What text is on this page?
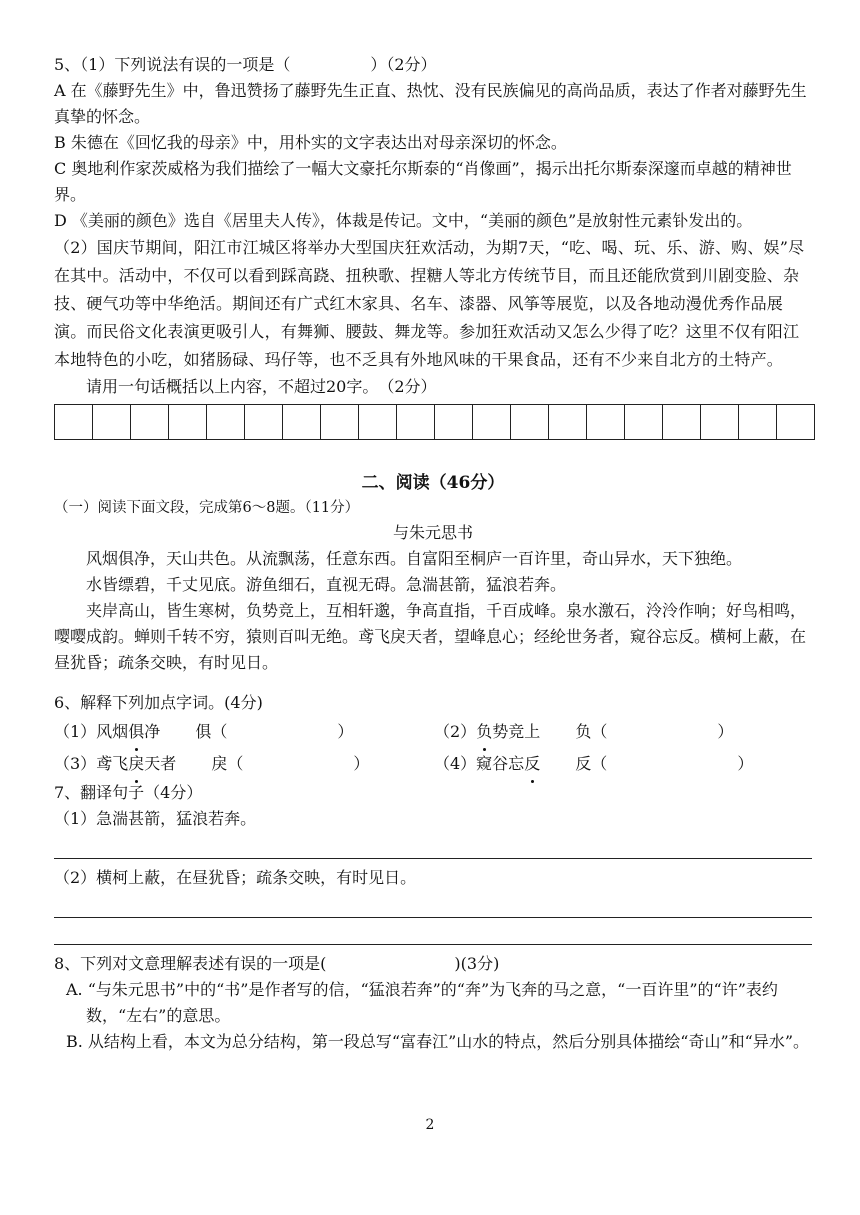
5、（1）下列说法有误的一项是（　　　　　）（2分）
A 在《藤野先生》中，鲁迅赞扬了藤野先生正直、热忱、没有民族偏见的高尚品质，表达了作者对藤野先生真挚的怀念。
B 朱德在《回忆我的母亲》中，用朴实的文字表达出对母亲深切的怀念。
C 奥地利作家茨威格为我们描绘了一幅大文豪托尔斯泰的“肖像画”，揭示出托尔斯泰深邃而卓越的精神世界。
D 《美丽的颜色》选自《居里夫人传》，体裁是传记。文中，“美丽的颜色”是放射性元素钋发出的。
（2）国庆节期间，阳江市江城区将举办大型国庆狂欢活动，为期7天，“吃、喝、玩、乐、游、购、娱”尽在其中。活动中，不仅可以看到踩高跷、扭秧歌、捏糖人等北方传统节目，而且还能欣赏到川剧变脸、杂技、硬气功等中华绝活。期间还有广式红木家具、名车、漆器、风筝等展览，以及各地动漫优秀作品展演。而民俗文化表演更吸引人，有舞狮、腰鼓、舞龙等。参加狂欢活动又怎么少得了吃？这里不仅有阳江本地特色的小吃，如猪肠碌、玛仔等，也不乏具有外地风味的干果食品，还有不少来自北方的土特产。
请用一句话概括以上内容，不超过20字。　（2分）
二、阅读（46分）
（一）阅读下面文段，完成第6～8题。（11分）
与朱元思书
风烟俱净，天山共色。从流飘荡，任意东西。自富阳至桐庐一百许里，奇山异水，天下独绝。
水皆缥碧，千丈见底。游鱼细石，直视无碍。急湍甚箭，猛浪若奔。
夹岸高山，皆生寒树，负势竞上，互相轩邈，争高直指，千百成峰。泉水激石，泠泠作响；好鸟相鸣，嘤嘤成韵。蝉则千转不穷，猿则百叫无绝。鸢飞戾天者，望峰息心；经纶世务者，窥谷忘反。横柯上蔽，在昼犹昏；疏条交映，有时见日。
6、解释下列加点字词。(4分)
（1）风烟俱净 俱（	）	（2）负势竞上 负（	）
（3）鸢飞戾天者 戾（	）	（4）窥谷忘反 反（	）
7、翻译句子（4分）
（1）急湍甚箭，猛浪若奔。
（2）横柯上蔽，在昼犹昏；疏条交映，有时见日。
8、下列对文意理解表述有误的一项是(　　　　　　　　)(3分)
A. “与朱元思书”中的“书”是作者写的信，“猛浪若奔”的“奔”为飞奔的马之意，“一百许里”的“许”表约数，“左右”的意思。
B. 从结构上看，本文为总分结构，第一段总写“富春江”山水的特点，然后分别具体描绘“奇山”和“异水”。
2
